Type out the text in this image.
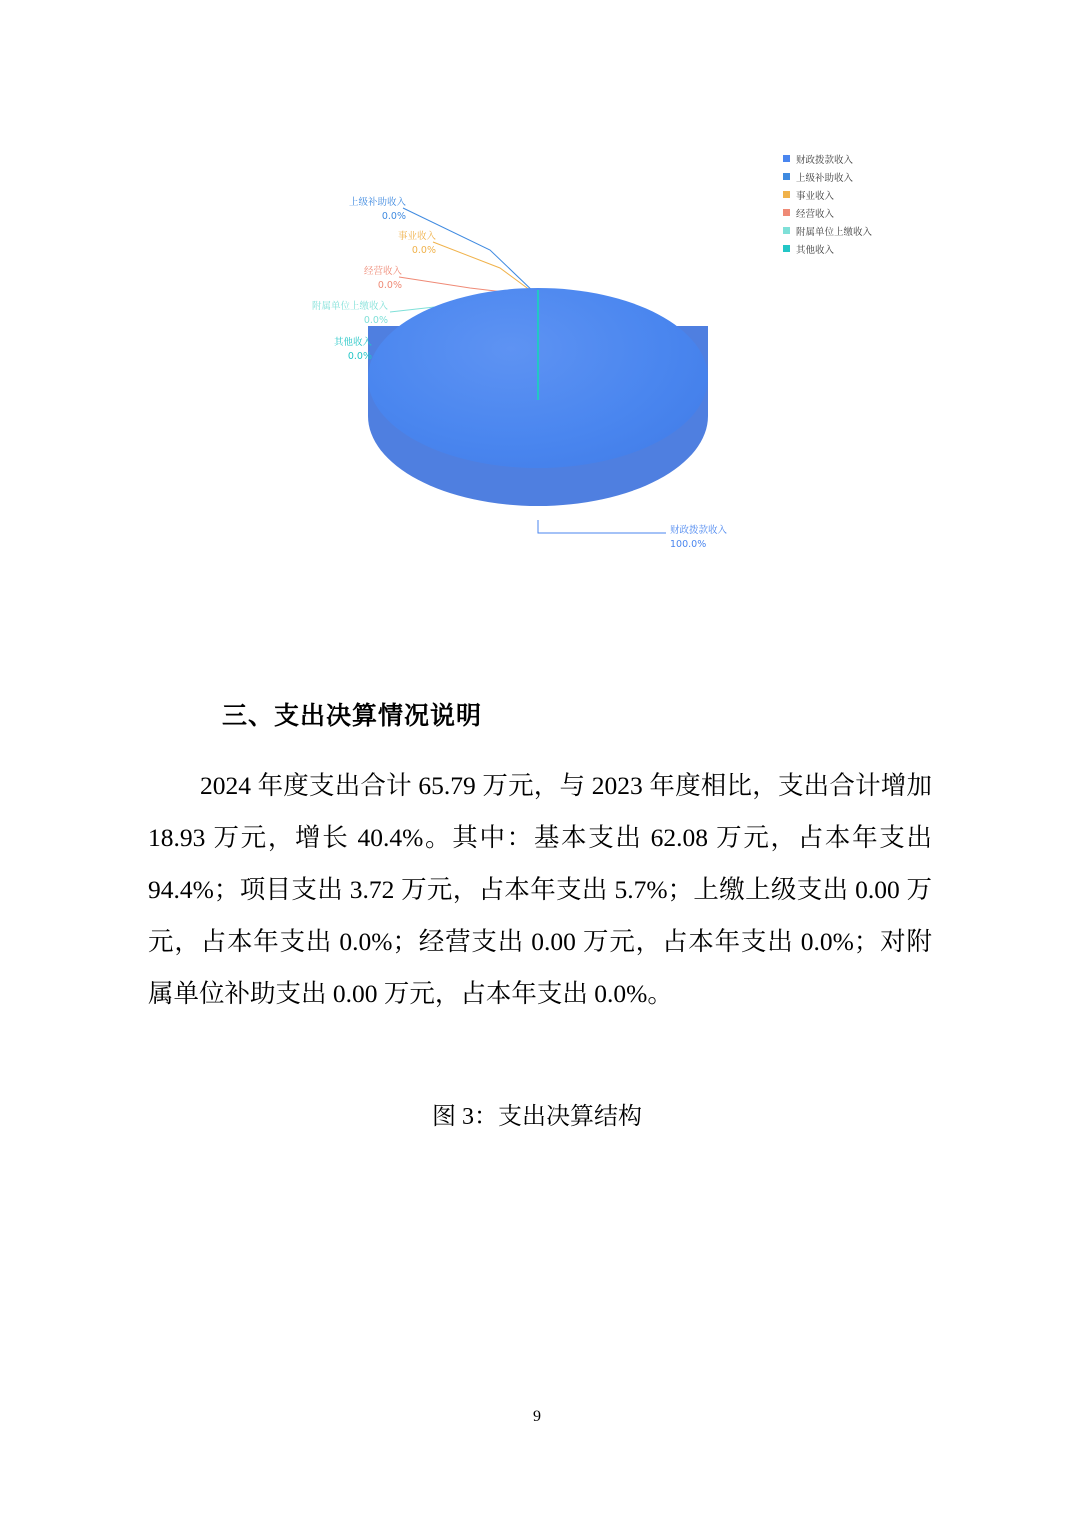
财政拨款收入
上级补助收入
事业收入
经营收入
附属单位上缴收入
其他收入
上级补助收入
0.0%
事业收入
0.0%
经营收入
0.0%
附属单位上缴收入
0.0%
其他收入
0.0%
财政拨款收入
100.0%
三、支出决算情况说明
2024 年度支出合计 65.79 万元，与 2023 年度相比，支出合计增加 18.93 万元，增长 40.4%。其中：基本支出 62.08 万元，占本年支出 94.4%；项目支出 3.72 万元，占本年支出 5.7%；上缴上级支出 0.00 万元，占本年支出 0.0%；经营支出 0.00 万元，占本年支出 0.0%；对附属单位补助支出 0.00 万元，占本年支出 0.0%。
图 3：支出决算结构
9
